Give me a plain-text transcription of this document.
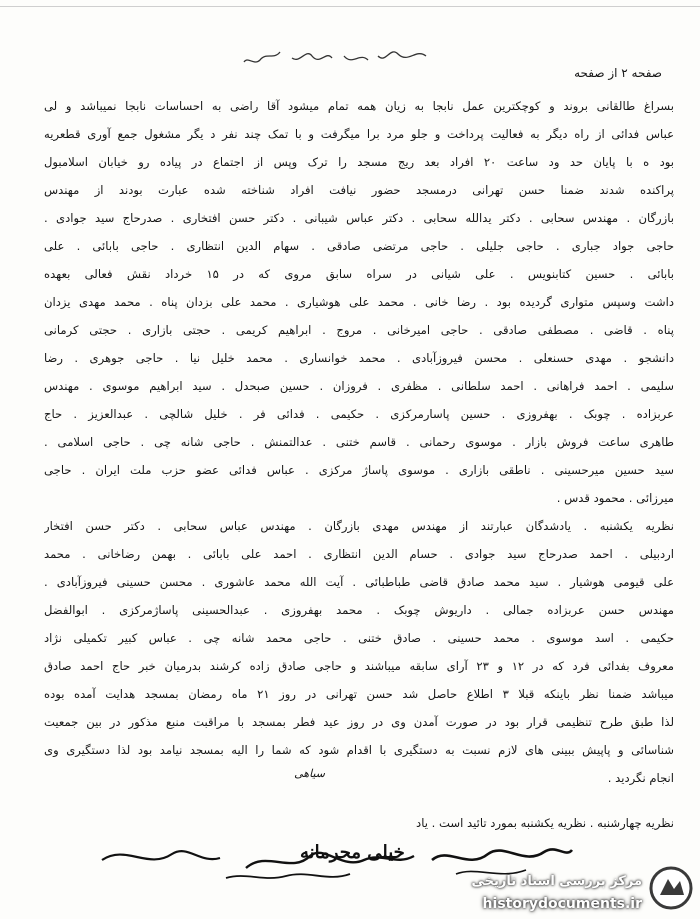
صفحه ۲ از صفحه
بسراغ طالقانی بروند و کوچکترین عمل نابجا به زیان همه تمام میشود آقا راضی به احساسات نابجا نمیباشد و لی
عباس فدائی از راه دیگر به فعالیت پرداخت و جلو مرد برا میگرفت و با تمک چند نفر د یگر مشغول جمع آوری قطعریه
بود ه با پایان حد ود ساعت ۲۰ افراد بعد ریج مسجد را ترک وپس از اجتماع در پیاده رو خیابان اسلامبول
پراکنده شدند ضمنا حسن تهرانی درمسجد حضور نیافت افراد شناخته شده عبارت بودند از مهندس
بازرگان . مهندس سحابی . دکتر یدالله سحابی . دکتر عباس شیبانی . دکتر حسن افتخاری . صدرحاج سید جوادی .
حاجی جواد جباری . حاجی جلیلی . حاجی مرتضی صادقی . سهام الدین انتظاری . حاجی بابائی . علی
بابائی . حسین کتابنویس . علی شیانی در سراه سابق مروی که در ۱۵ خرداد نقش فعالی بعهده
داشت وسپس متواری گردیده بود . رضا خانی . محمد علی هوشیاری . محمد علی بزدان پناه . محمد مهدی یزدان
پناه . قاضی . مصطفی صادقی . حاجی امیرخانی . مروج . ابراهیم کریمی . حجتی بازاری . حجتی کرمانی
دانشجو . مهدی حسنعلی . محسن فیروزآبادی . محمد خوانساری . محمد خلیل نیا . حاجی جوهری . رضا
سلیمی . احمد فراهانی . احمد سلطانی . مظفری . فروزان . حسین صبحدل . سید ابراهیم موسوی . مهندس
عربزاده . چوبک . بهفروزی . حسین پاسارمرکزی . حکیمی . فدائی فر . خلیل شالچی . عبدالعزیز . حاج
طاهری ساعت فروش بازار . موسوی رحمانی . قاسم ختنی . عدالتمنش . حاجی شانه چی . حاجی اسلامی .
سید حسین میرحسینی . ناطقی بازاری . موسوی پاساژ مرکزی . عباس فدائی عضو حزب ملت ایران . حاجی
میرزائی . محمود قدس .
نظریه یکشنبه . یادشدگان عبارتند از مهندس مهدی بازرگان . مهندس عباس سحابی . دکتر حسن افتخار
اردبیلی . احمد صدرحاج سید جوادی . حسام الدین انتظاری . احمد علی بابائی . بهمن رضاخانی . محمد
علی قیومی هوشیار . سید محمد صادق قاضی طباطبائی . آیت الله محمد عاشوری . محسن حسینی فیروزآبادی .
مهندس حسن عربزاده جمالی . داریوش چوبک . محمد بهفروزی . عبدالحسینی پاساژمرکزی . ابوالفضل
حکیمی . اسد موسوی . محمد حسینی . صادق ختنی . حاجی محمد شانه چی . عباس کبیر تکمیلی نژاد
معروف بفدائی فرد که در ۱۲ و ۲۳ آرای سابقه میباشند و حاجی صادق زاده کرشند بدرمیان خبر حاج احمد صادق
میباشد ضمنا نظر باینکه قبلا ۳ اطلاع حاصل شد حسن تهرانی در روز ۲۱ ماه رمضان بمسجد هدایت آمده بوده
لذا طبق طرح تنظیمی قرار بود در صورت آمدن وی در روز عید فطر بمسجد با مراقبت منبع مذکور در بین جمعیت
شناسائی و پاپیش ببینی های لازم نسبت به دستگیری با اقدام شود که شما را الیه بمسجد نیامد بود لذا دستگیری وی
انجام نگردید .
سیاهی
نظریه چهارشنبه . نظریه یکشنبه بمورد تائید است . یاد
خیلی محرمانه
مرکز بررسی اسناد تاریخی
historydocuments.ir
